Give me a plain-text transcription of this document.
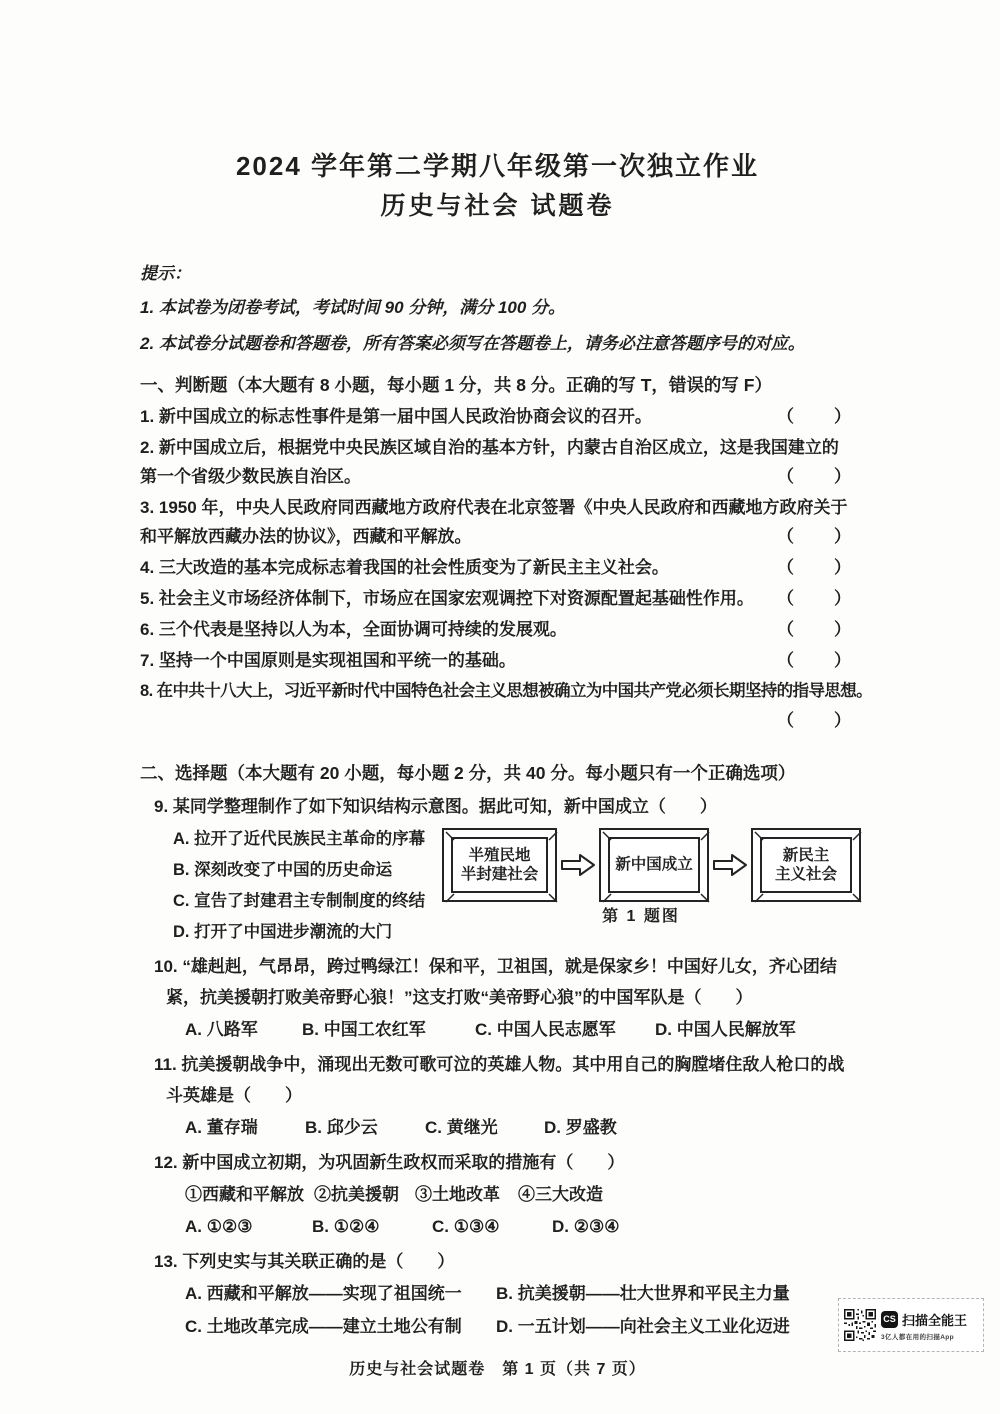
2024 学年第二学期八年级第一次独立作业
历史与社会 试题卷
提示：
1. 本试卷为闭卷考试，考试时间 90 分钟，满分 100 分。
2. 本试卷分试题卷和答题卷，所有答案必须写在答题卷上，请务必注意答题序号的对应。
一、判断题（本大题有 8 小题，每小题 1 分，共 8 分。正确的写 T，错误的写 F）
1. 新中国成立的标志性事件是第一届中国人民政治协商会议的召开。	（　　）
2. 新中国成立后，根据党中央民族区域自治的基本方针，内蒙古自治区成立，这是我国建立的第一个省级少数民族自治区。	（　　）
3. 1950 年，中央人民政府同西藏地方政府代表在北京签署《中央人民政府和西藏地方政府关于和平解放西藏办法的协议》，西藏和平解放。	（　　）
4. 三大改造的基本完成标志着我国的社会性质变为了新民主主义社会。	（　　）
5. 社会主义市场经济体制下，市场应在国家宏观调控下对资源配置起基础性作用。 （　　）
6. 三个代表是坚持以人为本，全面协调可持续的发展观。	（　　）
7. 坚持一个中国原则是实现祖国和平统一的基础。	（　　）
8. 在中共十八大上，习近平新时代中国特色社会主义思想被确立为中国共产党必须长期坚持的指导思想。
（　　）
二、选择题（本大题有 20 小题，每小题 2 分，共 40 分。每小题只有一个正确选项）
9. 某同学整理制作了如下知识结构示意图。据此可知，新中国成立（　　）
A. 拉开了近代民族民主革命的序幕
B. 深刻改变了中国的历史命运
C. 宣告了封建君主专制制度的终结
D. 打开了中国进步潮流的大门
半殖民地
半封建社会
新中国成立
新民主
主义社会
第 1 题图
10. “雄赳赳，气昂昂，跨过鸭绿江！保和平，卫祖国，就是保家乡！中国好儿女，齐心团结紧，抗美援朝打败美帝野心狼！”这支打败“美帝野心狼”的中国军队是（　　）
A. 八路军	B. 中国工农红军	C. 中国人民志愿军	D. 中国人民解放军
11. 抗美援朝战争中，涌现出无数可歌可泣的英雄人物。其中用自己的胸膛堵住敌人枪口的战斗英雄是（　　）
A. 董存瑞	B. 邱少云	C. 黄继光	D. 罗盛教
12. 新中国成立初期，为巩固新生政权而采取的措施有（　　）
①西藏和平解放 ②抗美援朝 ③土地改革	④三大改造
A. ①②③	B. ①②④	C. ①③④	D. ②③④
13. 下列史实与其关联正确的是（　　）
A. 西藏和平解放——实现了祖国统一	B. 抗美援朝——壮大世界和平民主力量
C. 土地改革完成——建立土地公有制	D. 一五计划——向社会主义工业化迈进
历史与社会试题卷　第 1 页（共 7 页）
CS 扫描全能王
3亿人都在用的扫描App
